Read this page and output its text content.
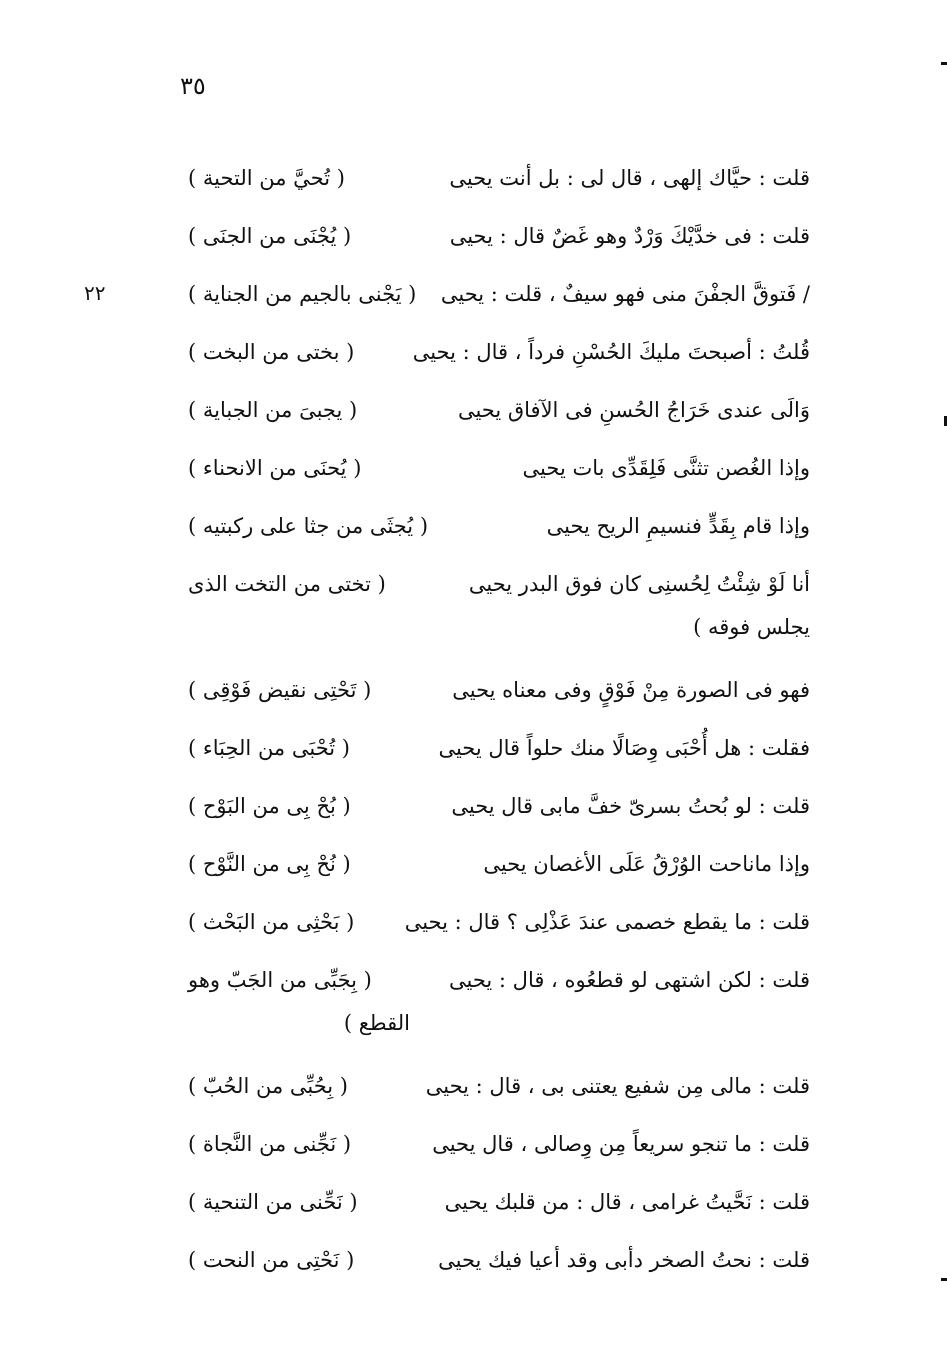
٣٥
٢٢
قلت : حيَّاك إلهى ، قال لى : بل أنت يحيى
( تُحيَّ من التحية )
قلت : فى خدَّيْكَ وَرْدٌ وهو غَضٌ قال : يحيى
( يُجْنَى من الجنَى )
/ فَتوقَّ الجفْنَ منى فهو سيفٌ ، قلت : يحيى
( يَجْنى بالجيم من الجناية )
قُلتُ : أصبحتَ مليكَ الحُسْنِ فرداً ، قال : يحيى
( بختى من البخت )
وَالَى عندى خَرَاجُ الحُسنِ فى الآفاق يحيى
( يجبىَ من الجباية )
وإذا الغُصن تثنَّى فَلِقَدِّى بات يحيى
( يُحنَى من الانحناء )
وإذا قام بِقَدٍّ فنسيمِ الريح يحيى
( يُجثَى من جثا على ركبتيه )
أنا لَوْ شِئْتُ لِحُسنِى كان فوق البدر يحيى
( تختى من التخت الذى
يجلس فوقه )
فهو فى الصورة مِنْ فَوْقٍ وفى معناه يحيى
( تَحْتِى نقيض فَوْقِى )
فقلت : هل أُحْبَى وِصَالًا منك حلواً قال يحيى
( تُحْبَى من الحِبَاء )
قلت : لو بُحتُ بسرىّ خفَّ مابى قال يحيى
( بُحْ بِى من البَوْح )
وإذا ماناحت الوُرْقُ عَلَى الأغصان يحيى
( نُحْ بِى من النَّوْح )
قلت : ما يقطع خصمى عندَ عَذْلِى ؟ قال : يحيى
( بَحْثِى من البَحْث )
قلت : لكن اشتهى لو قطعُوه ، قال : يحيى
( بِجَبِّى من الجَبّ وهو
القطع )
قلت : مالى مِن شفيع يعتنى بى ، قال : يحيى
( بِحُبِّى من الحُبّ )
قلت : ما تنجو سريعاً مِن وِصالى ، قال يحيى
( نَجِّنى من النَّجاة )
قلت : نَحَّيتُ غرامى ، قال : من قلبك يحيى
( نَحِّنى من التنحية )
قلت : نحتُ الصخر دأبى وقد أعيا فيك يحيى
( نَحْتِى من النحت )
